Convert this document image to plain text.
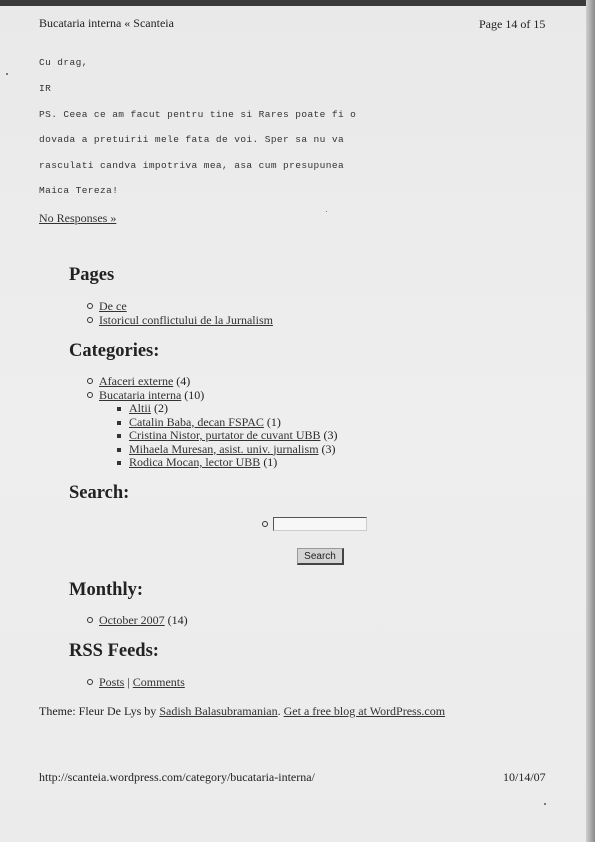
Bucataria interna « Scanteia	Page 14 of 15
Cu drag,
IR
PS. Ceea ce am facut pentru tine si Rares poate fi o
dovada a pretuirii mele fata de voi. Sper sa nu va
rasculati candva impotriva mea, asa cum presupunea
Maica Tereza!
No Responses »
Pages
De ce
Istoricul conflictului de la Jurnalism
Categories:
Afaceri externe (4)
Bucataria interna (10)
Altii (2)
Catalin Baba, decan FSPAC (1)
Cristina Nistor, purtator de cuvant UBB (3)
Mihaela Muresan, asist. univ. jurnalism (3)
Rodica Mocan, lector UBB (1)
Search:
Search
Monthly:
October 2007 (14)
RSS Feeds:
Posts | Comments
Theme: Fleur De Lys by Sadish Balasubramanian. Get a free blog at WordPress.com
http://scanteia.wordpress.com/category/bucataria-interna/	10/14/07
